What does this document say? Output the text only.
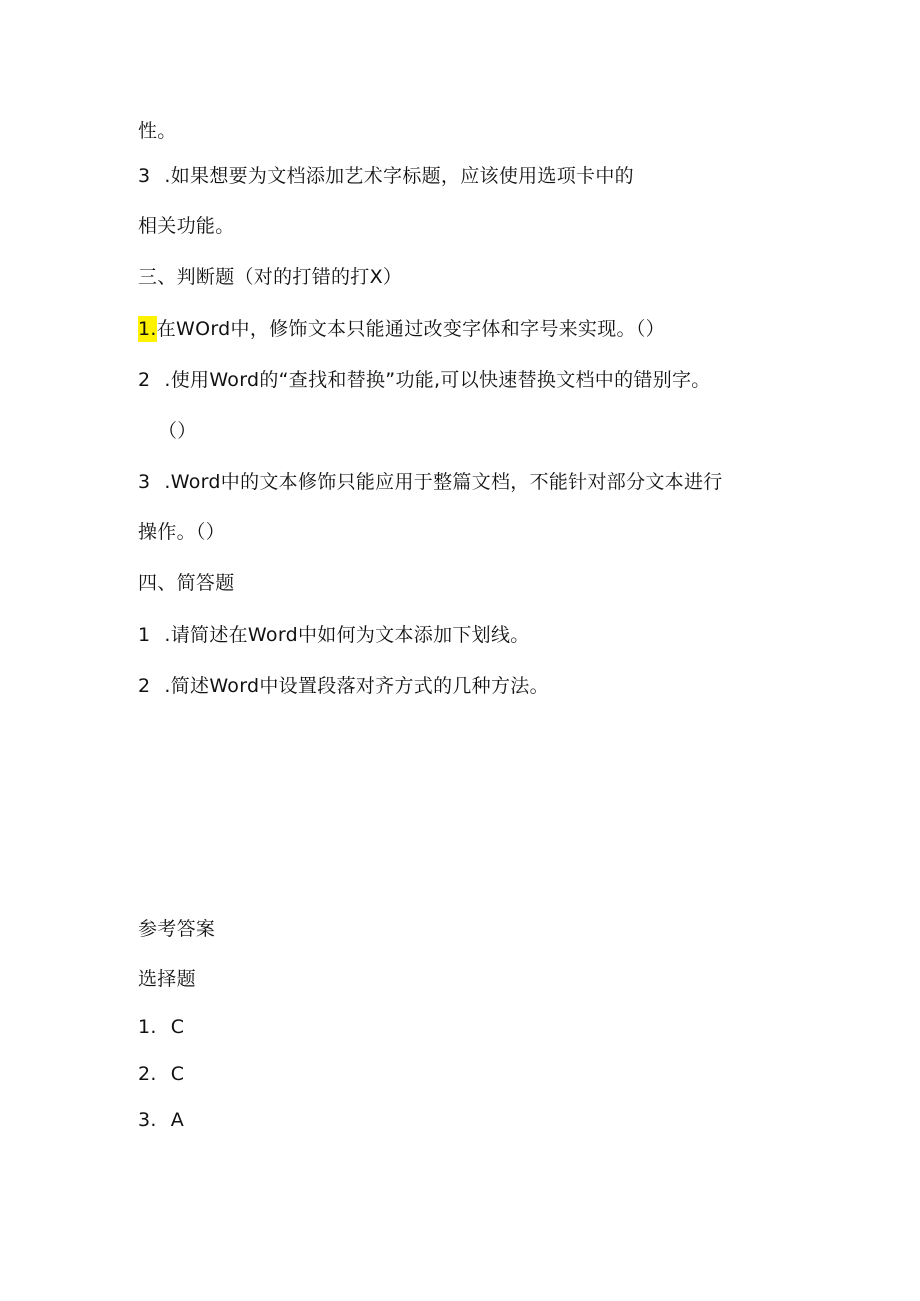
性。
3 .如果想要为文档添加艺术字标题，应该使用选项卡中的
相关功能。
三、判断题（对的打错的打X）
1.在WOrd中，修饰文本只能通过改变字体和字号来实现。（）
2 .使用Word的“查找和替换”功能,可以快速替换文档中的错别字。
（）
3 .Word中的文本修饰只能应用于整篇文档，不能针对部分文本进行
操作。（）
四、简答题
1 .请简述在Word中如何为文本添加下划线。
2 .简述Word中设置段落对齐方式的几种方法。
参考答案
选择题
1. C
2. C
3. A
